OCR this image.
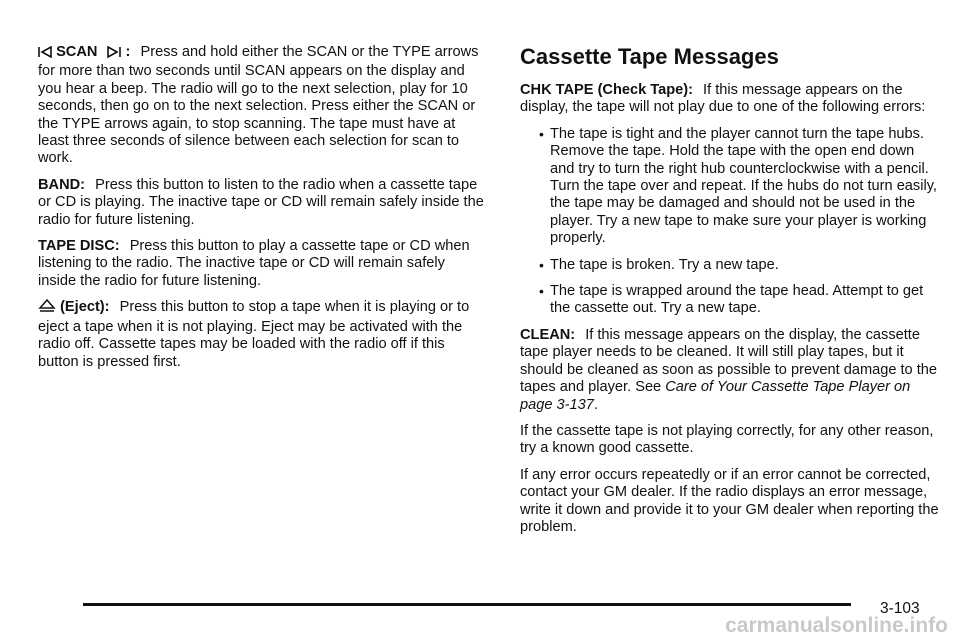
SCAN : Press and hold either the SCAN or the TYPE arrows for more than two seconds until SCAN appears on the display and you hear a beep. The radio will go to the next selection, play for 10 seconds, then go on to the next selection. Press either the SCAN or the TYPE arrows again, to stop scanning. The tape must have at least three seconds of silence between each selection for scan to work.

BAND: Press this button to listen to the radio when a cassette tape or CD is playing. The inactive tape or CD will remain safely inside the radio for future listening.

TAPE DISC: Press this button to play a cassette tape or CD when listening to the radio. The inactive tape or CD will remain safely inside the radio for future listening.

(Eject): Press this button to stop a tape when it is playing or to eject a tape when it is not playing. Eject may be activated with the radio off. Cassette tapes may be loaded with the radio off if this button is pressed first.

Cassette Tape Messages

CHK TAPE (Check Tape): If this message appears on the display, the tape will not play due to one of the following errors:

• The tape is tight and the player cannot turn the tape hubs. Remove the tape. Hold the tape with the open end down and try to turn the right hub counterclockwise with a pencil. Turn the tape over and repeat. If the hubs do not turn easily, the tape may be damaged and should not be used in the player. Try a new tape to make sure your player is working properly.
• The tape is broken. Try a new tape.
• The tape is wrapped around the tape head. Attempt to get the cassette out. Try a new tape.

CLEAN: If this message appears on the display, the cassette tape player needs to be cleaned. It will still play tapes, but it should be cleaned as soon as possible to prevent damage to the tapes and player. See Care of Your Cassette Tape Player on page 3-137.

If the cassette tape is not playing correctly, for any other reason, try a known good cassette.

If any error occurs repeatedly or if an error cannot be corrected, contact your GM dealer. If the radio displays an error message, write it down and provide it to your GM dealer when reporting the problem.

3-103
carmanualsonline.info
